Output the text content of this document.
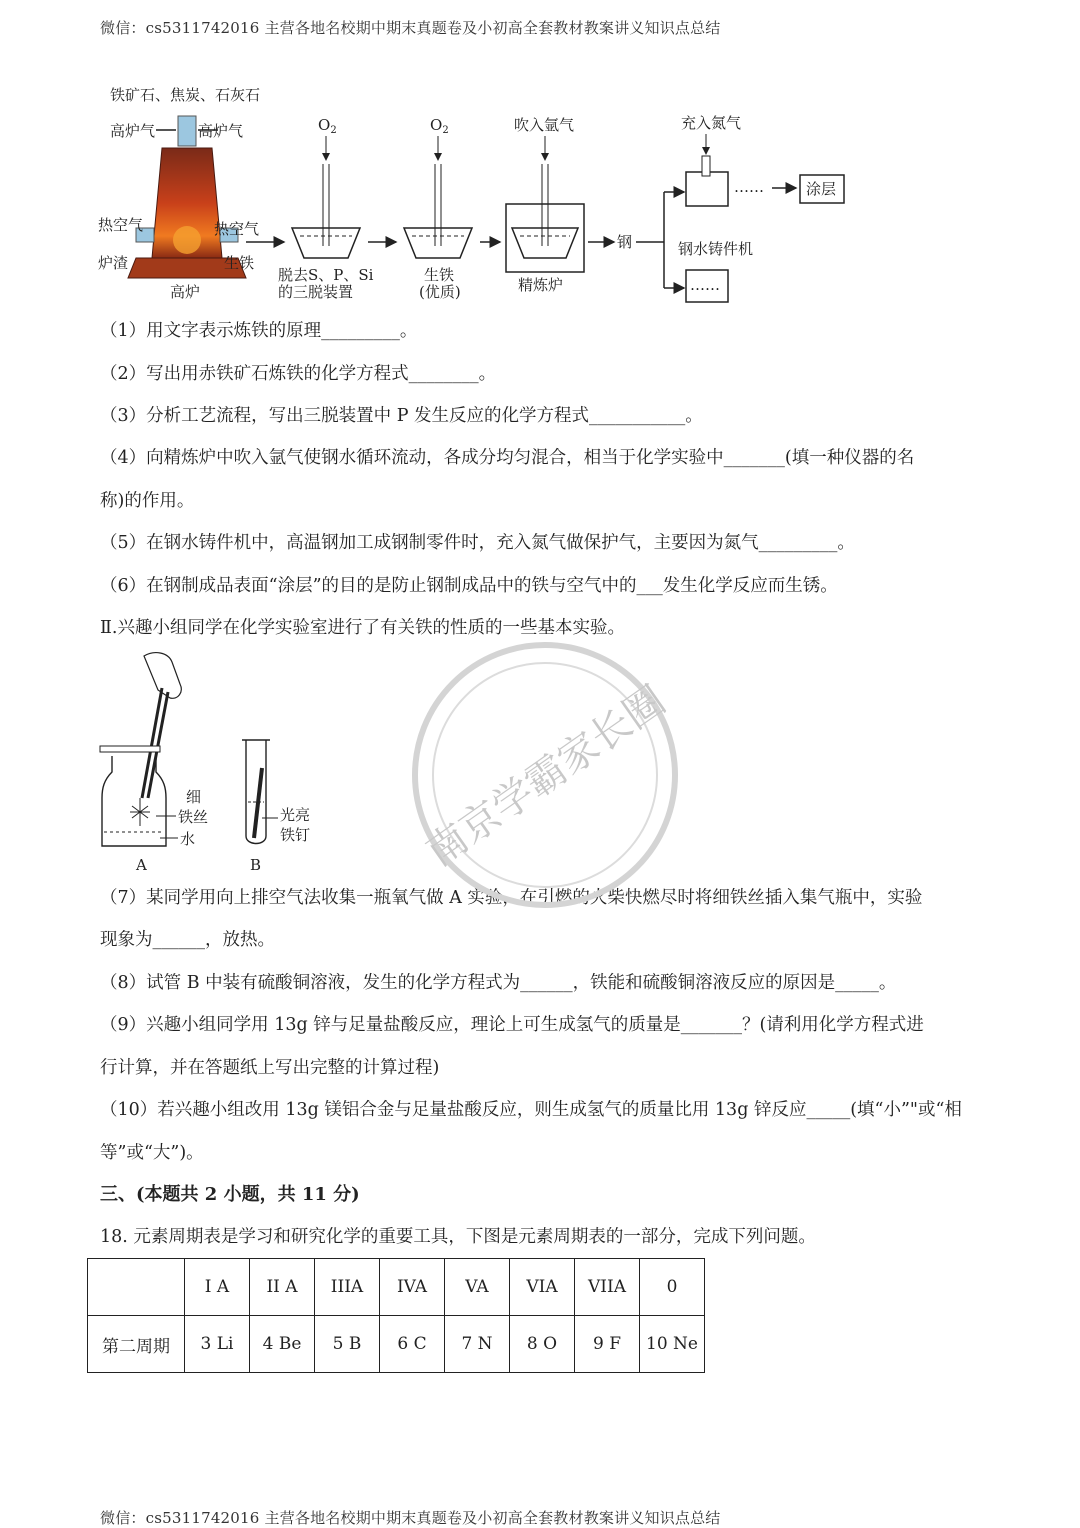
微信：cs5311742016 主营各地名校期中期末真题卷及小初高全套教材教案讲义知识点总结
铁矿石、焦炭、石灰石
高炉气	高炉气
热空气	热空气
炉渣	生铁
高炉
$O_2$
脱去S、P、Si
的三脱装置
$O_2$
生铁
(优质)
吹入氩气
精炼炉
钢
充入氮气
……	涂层
钢水铸件机
……
（1）用文字表示炼铁的原理_________。
（2）写出用赤铁矿石炼铁的化学方程式________。
（3）分析工艺流程，写出三脱装置中 P 发生反应的化学方程式___________。
（4）向精炼炉中吹入氩气使钢水循环流动，各成分均匀混合，相当于化学实验中_______(填一种仪器的名
称)的作用。
（5）在钢水铸件机中，高温钢加工成钢制零件时，充入氮气做保护气，主要因为氮气_________。
（6）在钢制成品表面“涂层”的目的是防止钢制成品中的铁与空气中的___发生化学反应而生锈。
Ⅱ.兴趣小组同学在化学实验室进行了有关铁的性质的一些基本实验。
细
铁丝
水
A
光亮
铁钉
B
（7）某同学用向上排空气法收集一瓶氧气做 A 实验，在引燃的火柴快燃尽时将细铁丝插入集气瓶中，实验
现象为______，放热。
（8）试管 B 中装有硫酸铜溶液，发生的化学方程式为______，铁能和硫酸铜溶液反应的原因是_____。
（9）兴趣小组同学用 13g 锌与足量盐酸反应，理论上可生成氢气的质量是_______？(请利用化学方程式进
行计算，并在答题纸上写出完整的计算过程)
（10）若兴趣小组改用 13g 镁铝合金与足量盐酸反应，则生成氢气的质量比用 13g 锌反应_____(填“小”"或“相
等”或“大”)。
三、(本题共 2 小题，共 11 分)
18. 元素周期表是学习和研究化学的重要工具，下图是元素周期表的一部分，完成下列问题。
	I A	II A	IIIA	IVA	VA	VIA	VIIA	0
第二周期	3 Li	4 Be	5 B	6 C	7 N	8 O	9 F	10 Ne
南京学霸家长圈
微信：cs5311742016 主营各地名校期中期末真题卷及小初高全套教材教案讲义知识点总结
